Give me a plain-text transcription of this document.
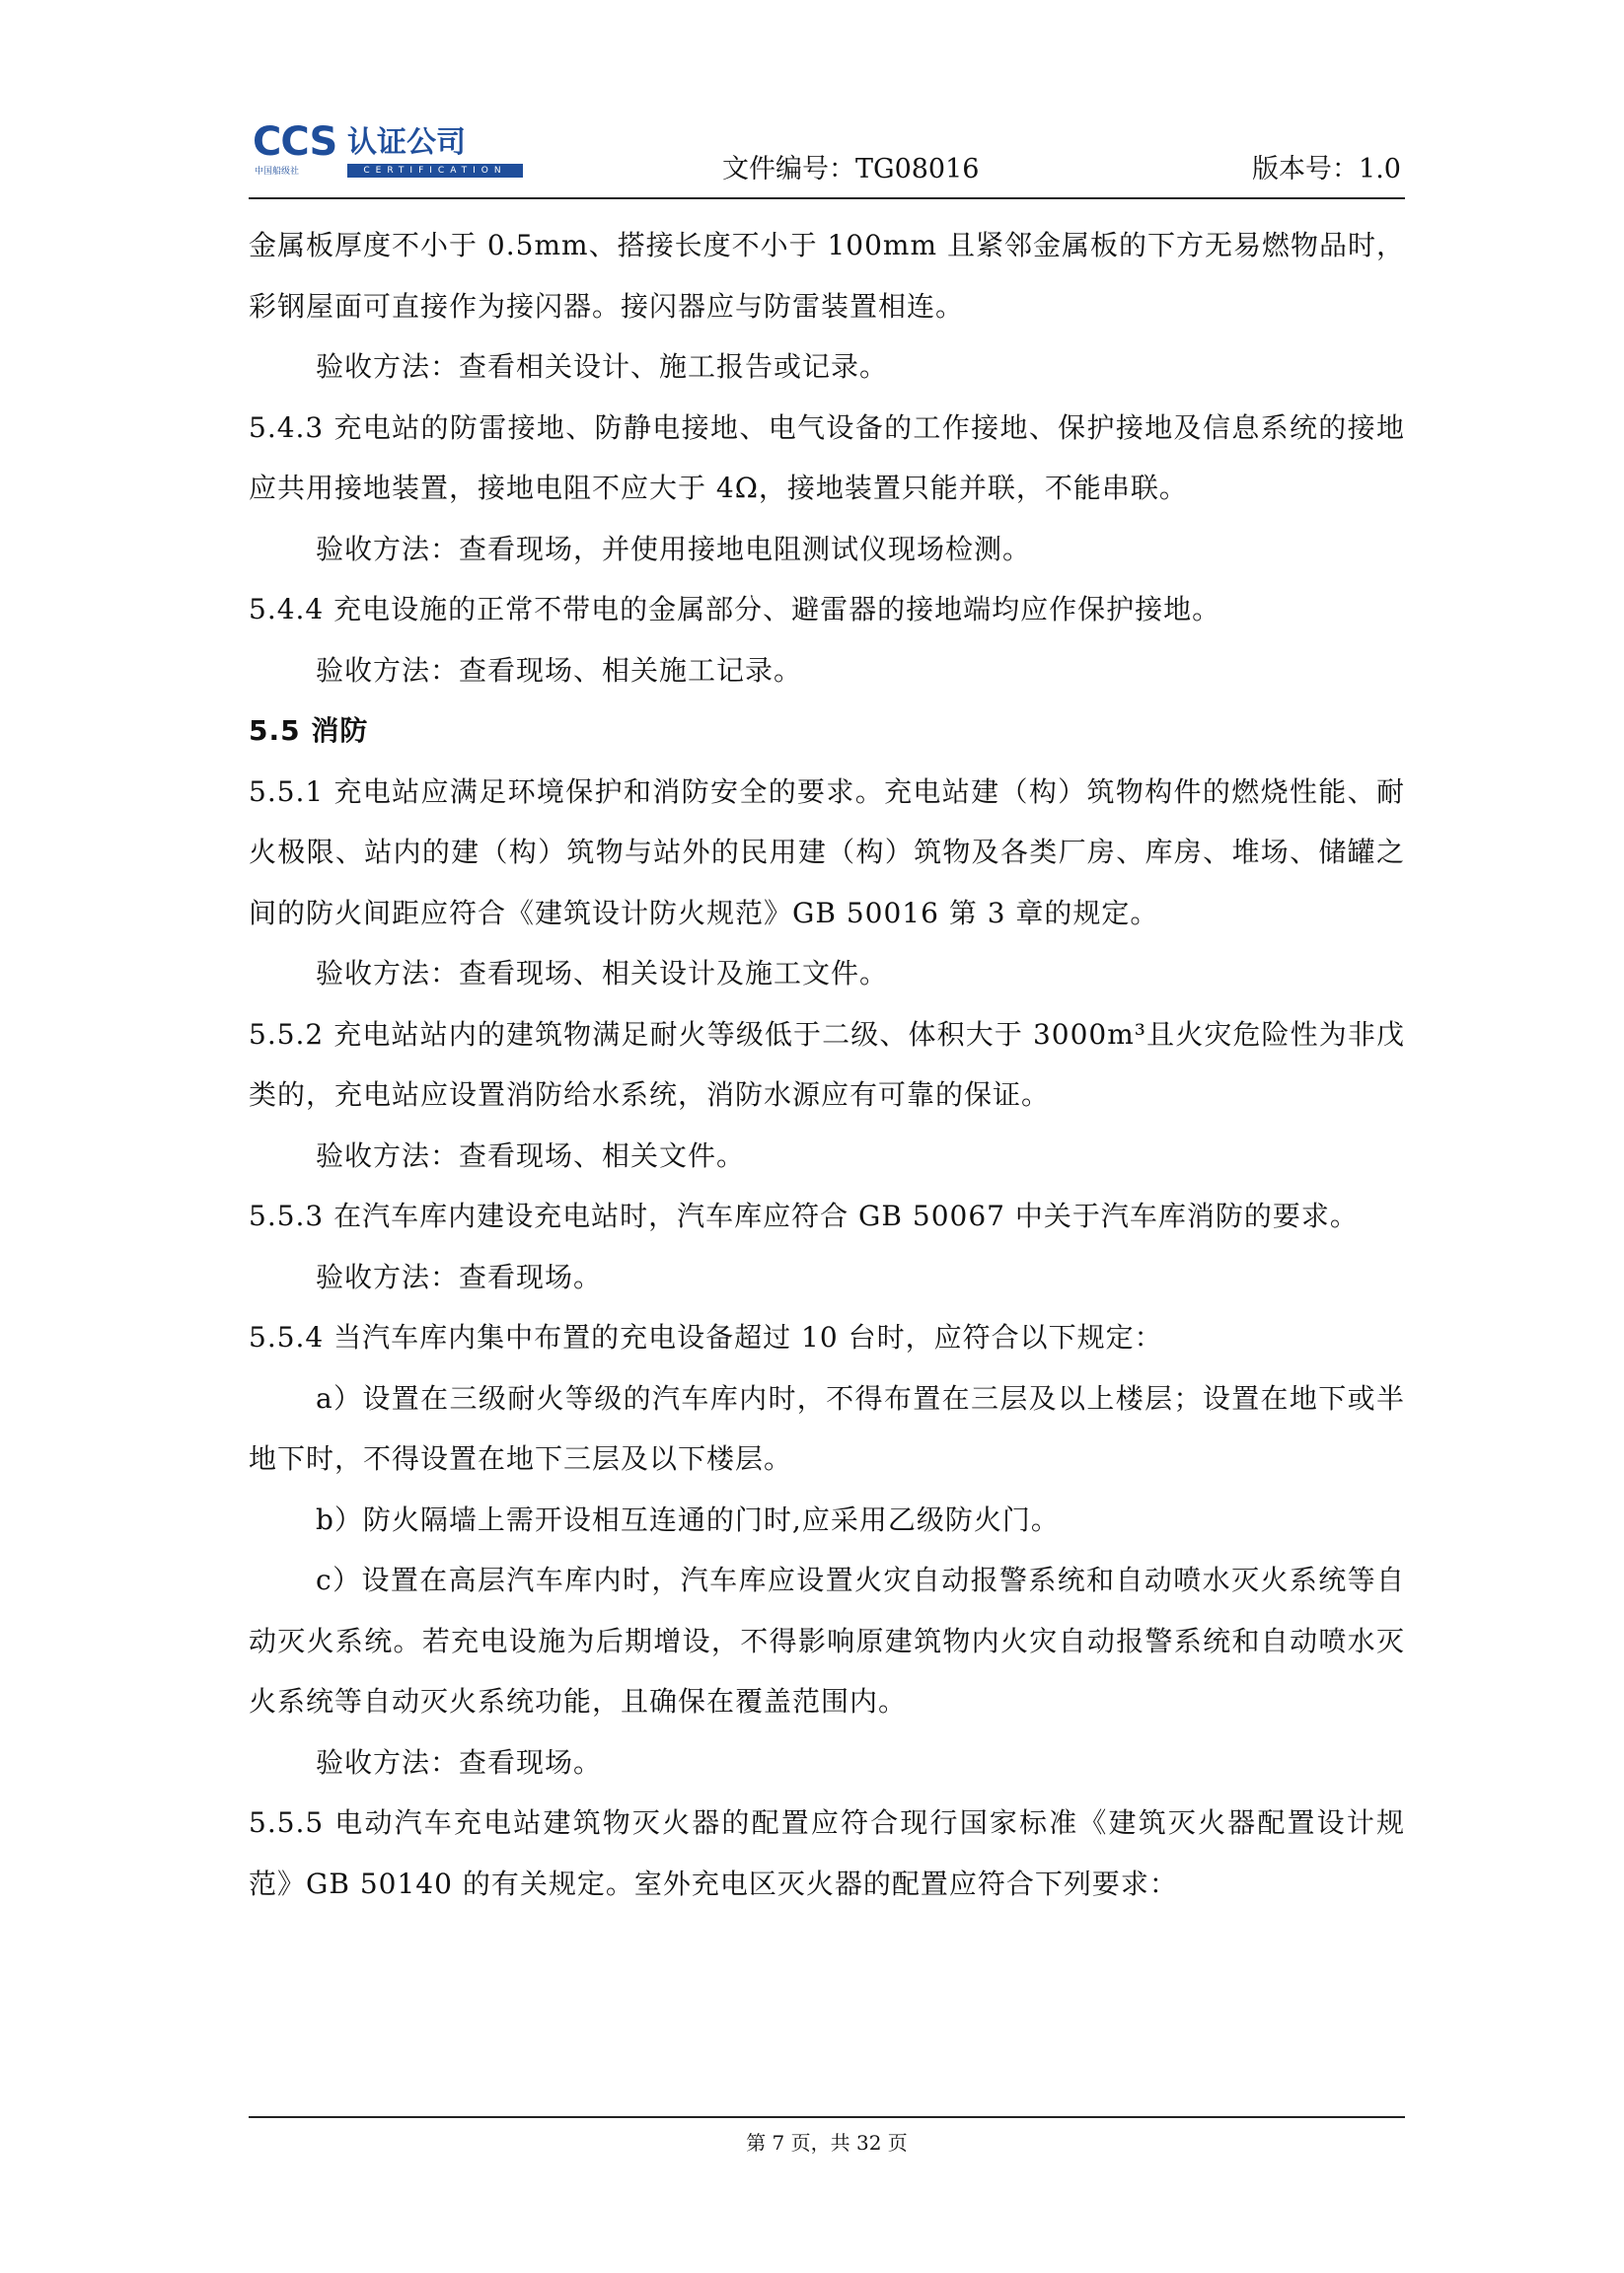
CCS 认证公司
中国船级社	CERTIFICATION	文件编号：TG08016	版本号：1.0

金属板厚度不小于 0.5mm、搭接长度不小于 100mm 且紧邻金属板的下方无易燃物品时，彩钢屋面可直接作为接闪器。接闪器应与防雷装置相连。

验收方法：查看相关设计、施工报告或记录。

5.4.3 充电站的防雷接地、防静电接地、电气设备的工作接地、保护接地及信息系统的接地应共用接地装置，接地电阻不应大于 4Ω，接地装置只能并联，不能串联。

验收方法：查看现场，并使用接地电阻测试仪现场检测。

5.4.4 充电设施的正常不带电的金属部分、避雷器的接地端均应作保护接地。

验收方法：查看现场、相关施工记录。

5.5 消防

5.5.1 充电站应满足环境保护和消防安全的要求。充电站建（构）筑物构件的燃烧性能、耐火极限、站内的建（构）筑物与站外的民用建（构）筑物及各类厂房、库房、堆场、储罐之间的防火间距应符合《建筑设计防火规范》GB 50016 第 3 章的规定。

验收方法：查看现场、相关设计及施工文件。

5.5.2 充电站站内的建筑物满足耐火等级低于二级、体积大于 3000m³且火灾危险性为非戊类的，充电站应设置消防给水系统，消防水源应有可靠的保证。

验收方法：查看现场、相关文件。

5.5.3 在汽车库内建设充电站时，汽车库应符合 GB 50067 中关于汽车库消防的要求。

验收方法：查看现场。

5.5.4 当汽车库内集中布置的充电设备超过 10 台时，应符合以下规定：

a）设置在三级耐火等级的汽车库内时，不得布置在三层及以上楼层；设置在地下或半地下时，不得设置在地下三层及以下楼层。

b）防火隔墙上需开设相互连通的门时,应采用乙级防火门。

c）设置在高层汽车库内时，汽车库应设置火灾自动报警系统和自动喷水灭火系统等自动灭火系统。若充电设施为后期增设，不得影响原建筑物内火灾自动报警系统和自动喷水灭火系统等自动灭火系统功能，且确保在覆盖范围内。

验收方法：查看现场。

5.5.5 电动汽车充电站建筑物灭火器的配置应符合现行国家标准《建筑灭火器配置设计规范》GB 50140 的有关规定。室外充电区灭火器的配置应符合下列要求：

第 7 页，共 32 页
